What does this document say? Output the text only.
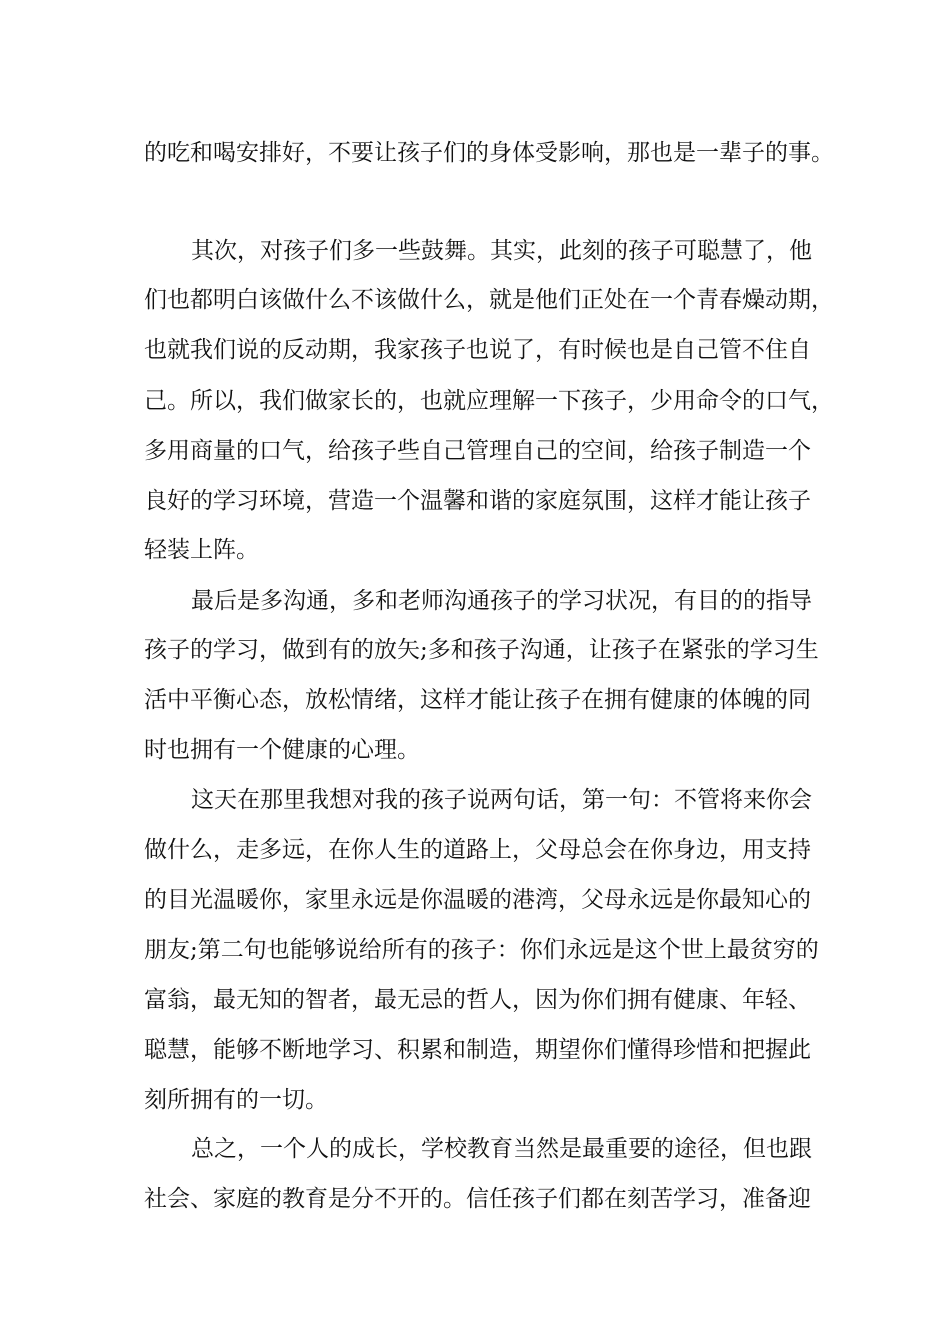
的吃和喝安排好，不要让孩子们的身体受影响，那也是一辈子的事。
其次，对孩子们多一些鼓舞。其实，此刻的孩子可聪慧了，他
们也都明白该做什么不该做什么，就是他们正处在一个青春燥动期，
也就我们说的反动期，我家孩子也说了，有时候也是自己管不住自
己。所以，我们做家长的，也就应理解一下孩子，少用命令的口气，
多用商量的口气，给孩子些自己管理自己的空间，给孩子制造一个
良好的学习环境，营造一个温馨和谐的家庭氛围，这样才能让孩子
轻装上阵。
最后是多沟通，多和老师沟通孩子的学习状况，有目的的指导
孩子的学习，做到有的放矢;多和孩子沟通，让孩子在紧张的学习生
活中平衡心态，放松情绪，这样才能让孩子在拥有健康的体魄的同
时也拥有一个健康的心理。
这天在那里我想对我的孩子说两句话，第一句：不管将来你会
做什么，走多远，在你人生的道路上，父母总会在你身边，用支持
的目光温暖你，家里永远是你温暖的港湾，父母永远是你最知心的
朋友;第二句也能够说给所有的孩子：你们永远是这个世上最贫穷的
富翁，最无知的智者，最无忌的哲人，因为你们拥有健康、年轻、
聪慧，能够不断地学习、积累和制造，期望你们懂得珍惜和把握此
刻所拥有的一切。
总之，一个人的成长，学校教育当然是最重要的途径，但也跟
社会、家庭的教育是分不开的。信任孩子们都在刻苦学习，准备迎
